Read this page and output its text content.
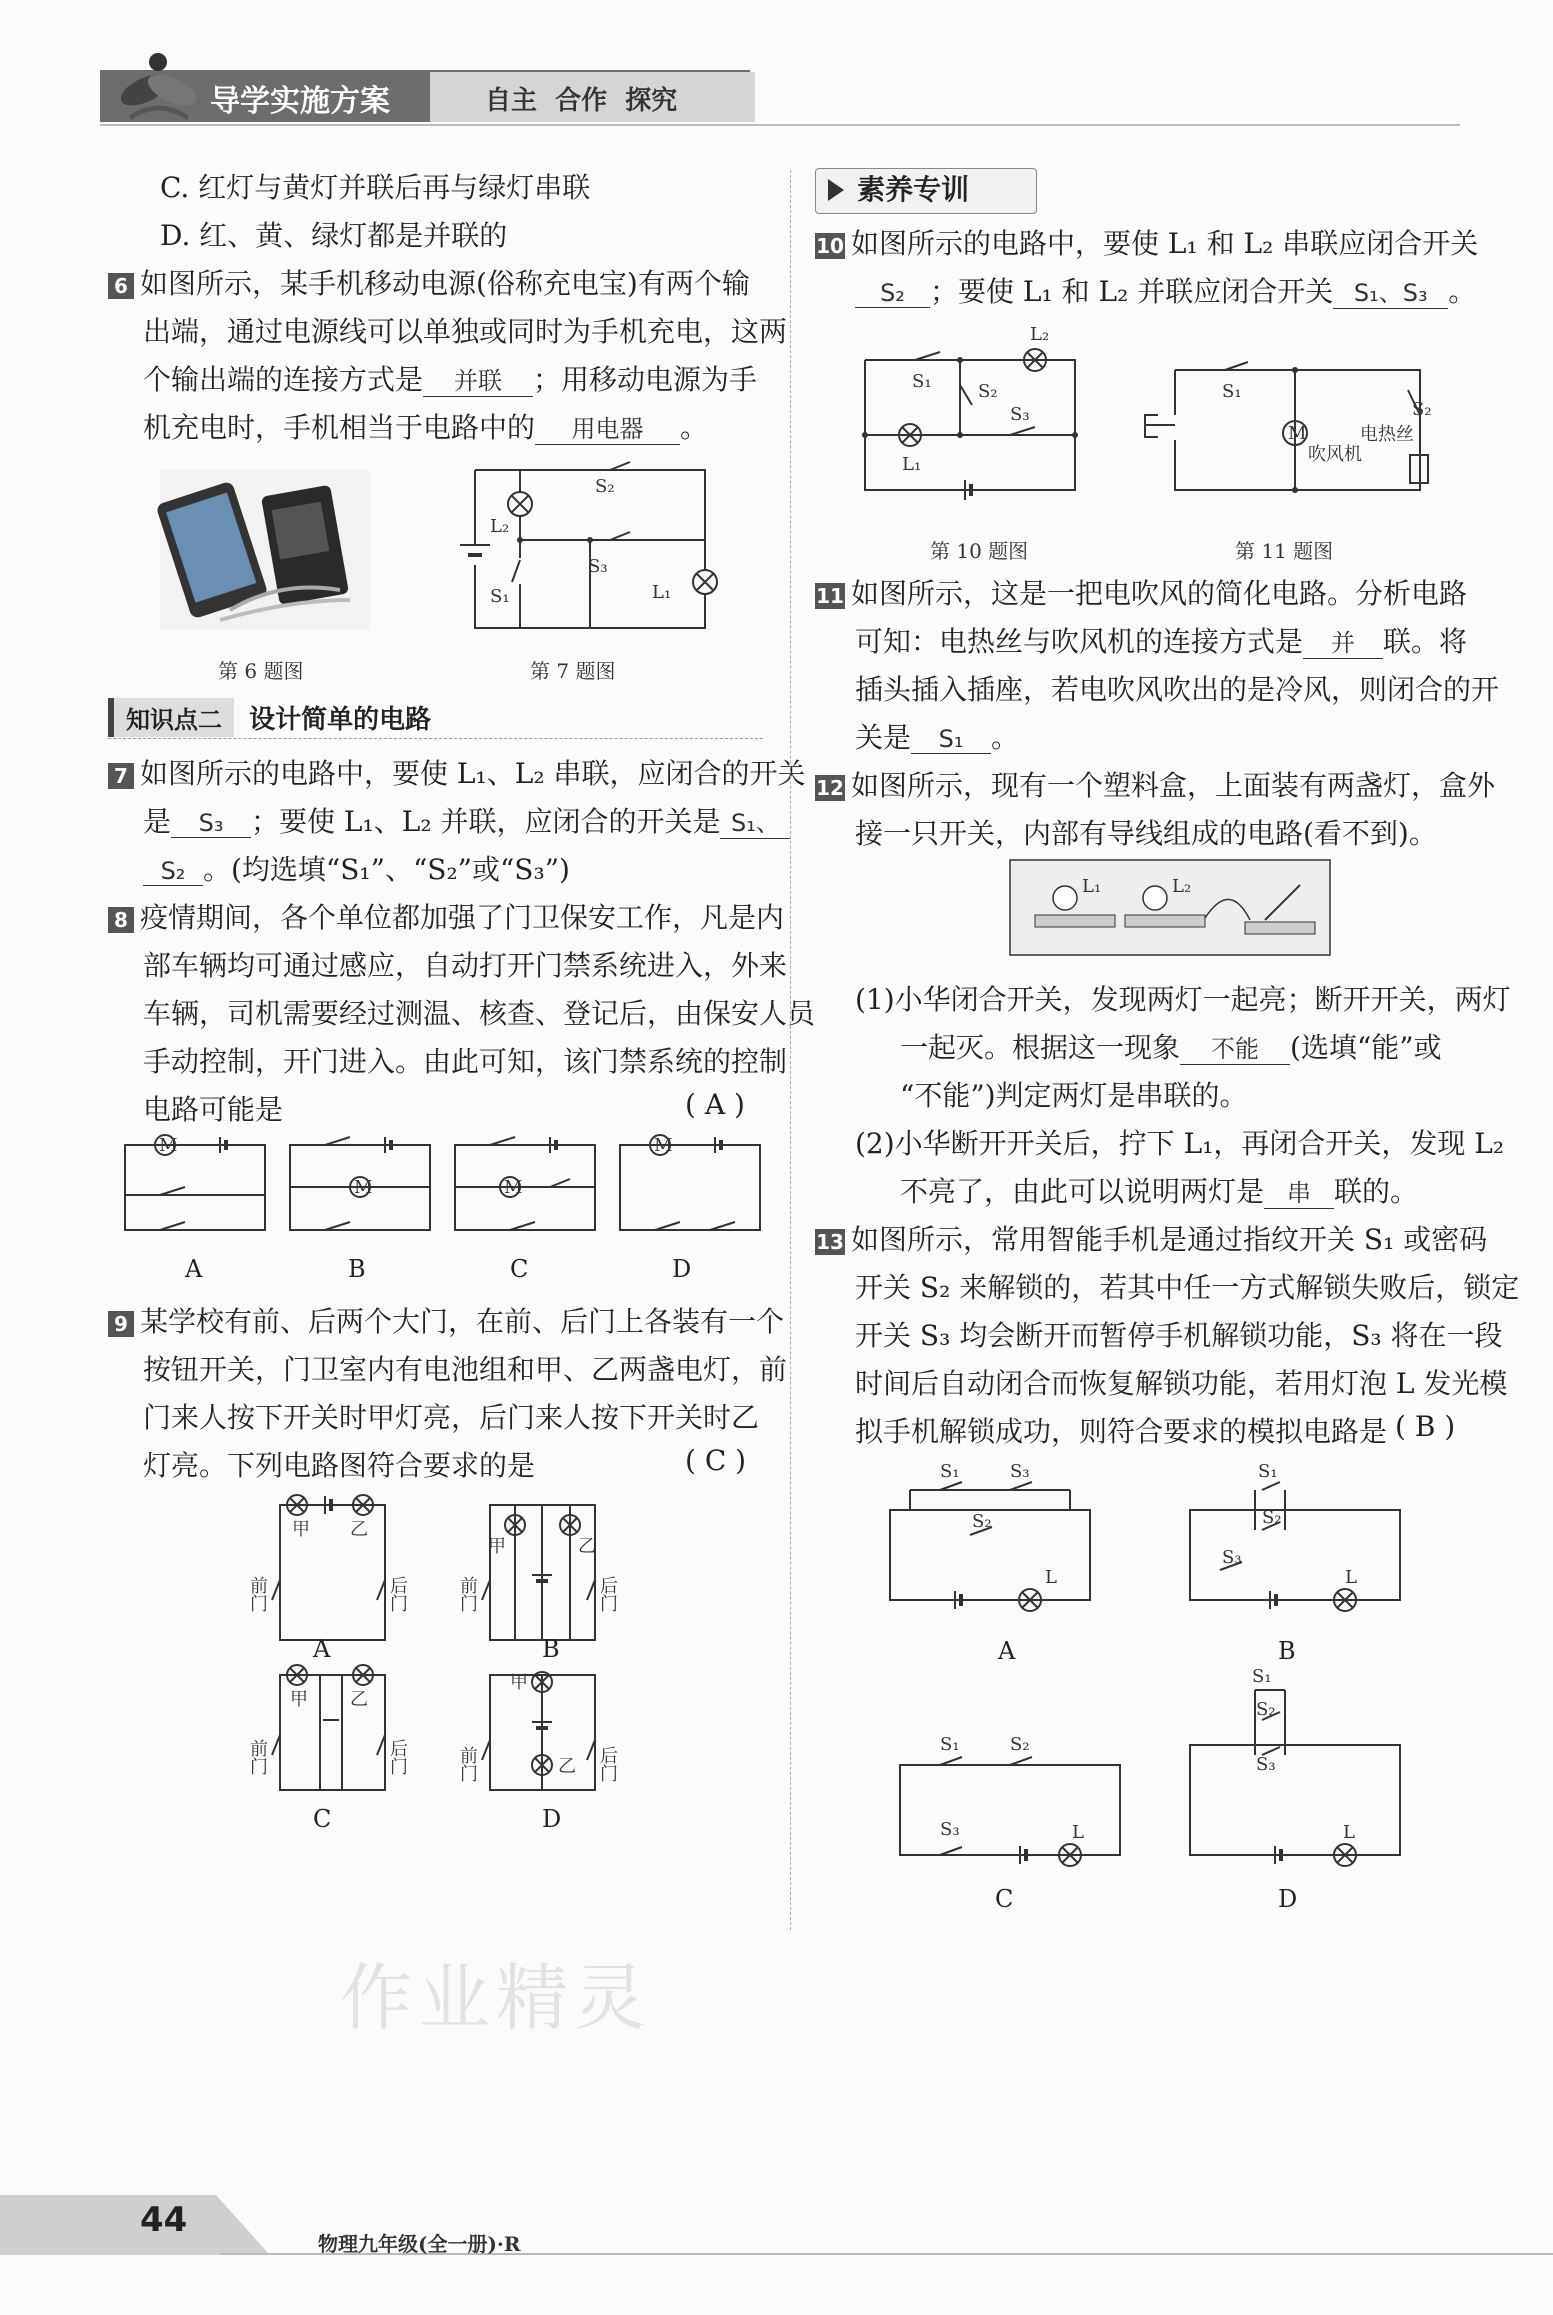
导学实施方案	自主  合作  探究
C. 红灯与黄灯并联后再与绿灯串联
D. 红、黄、绿灯都是并联的
6 如图所示，某手机移动电源(俗称充电宝)有两个输
出端，通过电源线可以单独或同时为手机充电，这两
个输出端的连接方式是 并联 ；用移动电源为手
机充电时，手机相当于电路中的 用电器 。
第 6 题图
L₂
S₂
S₃
S₁	L₁
第 7 题图
知识点二 设计简单的电路
7 如图所示的电路中，要使 L₁、L₂ 串联，应闭合的开关
是 S₃ ；要使 L₁、L₂ 并联，应闭合的开关是 S₁、
S₂ 。(均选填“S₁”、“S₂”或“S₃”)
8 疫情期间，各个单位都加强了门卫保安工作，凡是内
部车辆均可通过感应，自动打开门禁系统进入，外来
车辆，司机需要经过测温、核查、登记后，由保安人员
手动控制，开门进入。由此可知，该门禁系统的控制
电路可能是	( A )
M
M	M
M
A	B	C	D
9 某学校有前、后两个大门，在前、后门上各装有一个
按钮开关，门卫室内有电池组和甲、乙两盏电灯，前
门来人按下开关时甲灯亮，后门来人按下开关时乙
灯亮。下列电路图符合要求的是	( C )
甲 乙
前
门
后
门
甲	乙
前
门
后
门
A	B
甲 乙
前
门
后
门
甲
乙
前
门
后
门
C	D
素养专训
10 如图所示的电路中，要使 L₁ 和 L₂ 串联应闭合开关
S₂ ；要使 L₁ 和 L₂ 并联应闭合开关 S₁、S₃ 。
S₁	S₂
L₂
L₁
S₃
第 10 题图
S₁
M
S₂
吹风机
电热丝
第 11 题图
11 如图所示，这是一把电吹风的简化电路。分析电路
可知：电热丝与吹风机的连接方式是 并 联。将
插头插入插座，若电吹风吹出的是冷风，则闭合的开
关是 S₁ 。
12 如图所示，现有一个塑料盒，上面装有两盏灯，盒外
接一只开关，内部有导线组成的电路(看不到)。
L₁	L₂
(1)小华闭合开关，发现两灯一起亮；断开开关，两灯
一起灭。根据这一现象 不能 (选填“能”或
“不能”)判定两灯是串联的。
(2)小华断开开关后，拧下 L₁，再闭合开关，发现 L₂
不亮了，由此可以说明两灯是 串 联的。
13 如图所示，常用智能手机是通过指纹开关 S₁ 或密码
开关 S₂ 来解锁的，若其中任一方式解锁失败后，锁定
开关 S₃ 均会断开而暂停手机解锁功能，S₃ 将在一段
时间后自动闭合而恢复解锁功能，若用灯泡 L 发光模
拟手机解锁成功，则符合要求的模拟电路是 ( B )
S₁	S₃
S₂
L
S₁
S₂
S₃
L
A	B
S₁	S₂
S₃	L
S₁
S₂
S₃
L
C	D
作业精灵
44
物理九年级(全一册)·R
